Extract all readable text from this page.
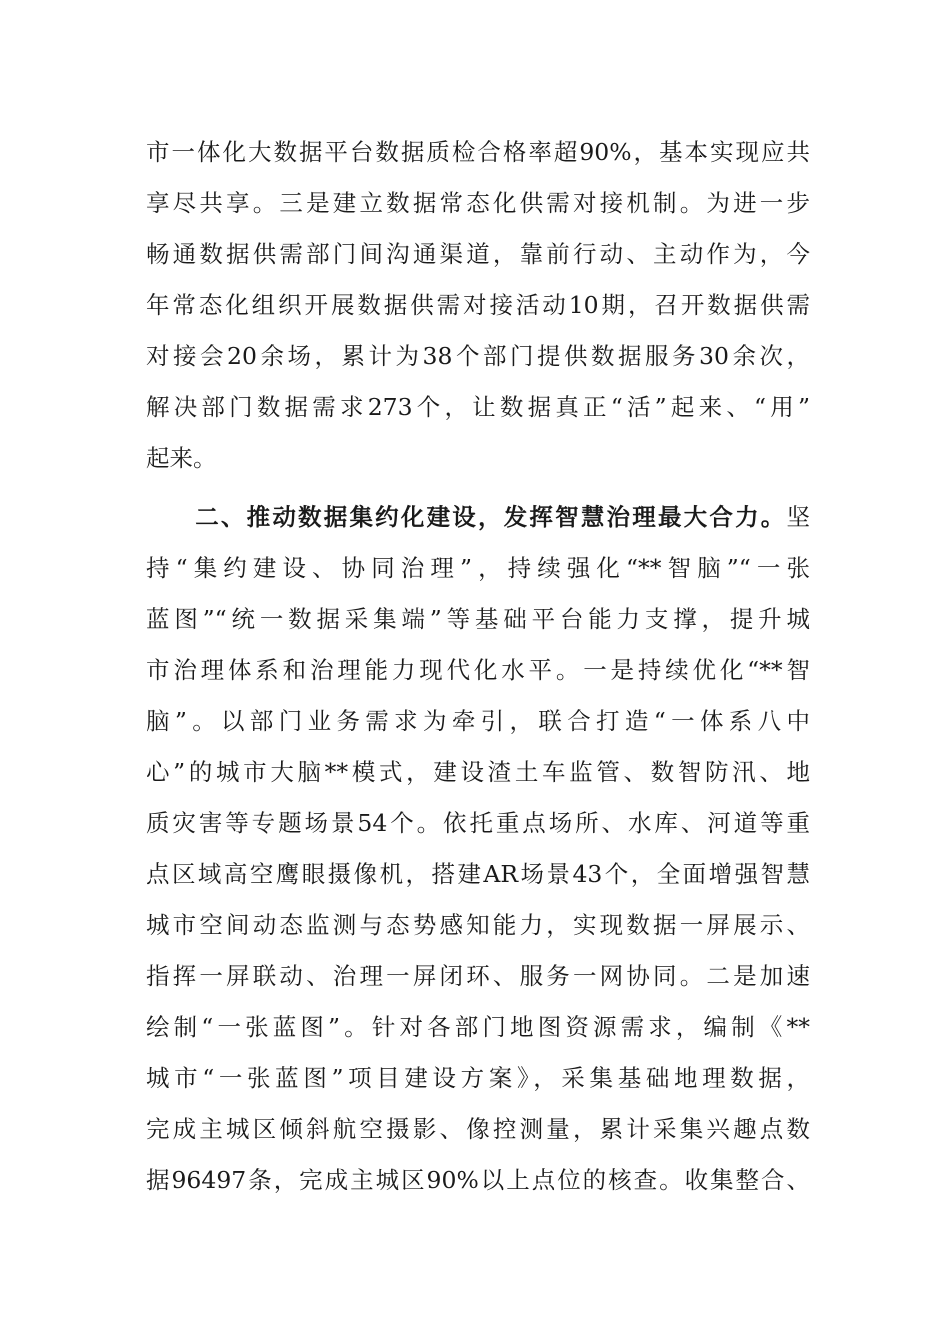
市一体化大数据平台数据质检合格率超90%，基本实现应共
享尽共享。三是建立数据常态化供需对接机制。为进一步
畅通数据供需部门间沟通渠道，靠前行动、主动作为，今
年常态化组织开展数据供需对接活动10期，召开数据供需
对接会20余场，累计为38个部门提供数据服务30余次，
解决部门数据需求273个，让数据真正“活”起来、“用”
起来。
二、推动数据集约化建设，发挥智慧治理最大合力。坚
持“集约建设、协同治理”，持续强化“**智脑”“一张
蓝图”“统一数据采集端”等基础平台能力支撑，提升城
市治理体系和治理能力现代化水平。一是持续优化“**智
脑”。以部门业务需求为牵引，联合打造“一体系八中
心”的城市大脑**模式，建设渣土车监管、数智防汛、地
质灾害等专题场景54个。依托重点场所、水库、河道等重
点区域高空鹰眼摄像机，搭建AR场景43个，全面增强智慧
城市空间动态监测与态势感知能力，实现数据一屏展示、
指挥一屏联动、治理一屏闭环、服务一网协同。二是加速
绘制“一张蓝图”。针对各部门地图资源需求，编制《**
城市“一张蓝图”项目建设方案》，采集基础地理数据，
完成主城区倾斜航空摄影、像控测量，累计采集兴趣点数
据96497条，完成主城区90%以上点位的核查。收集整合、
